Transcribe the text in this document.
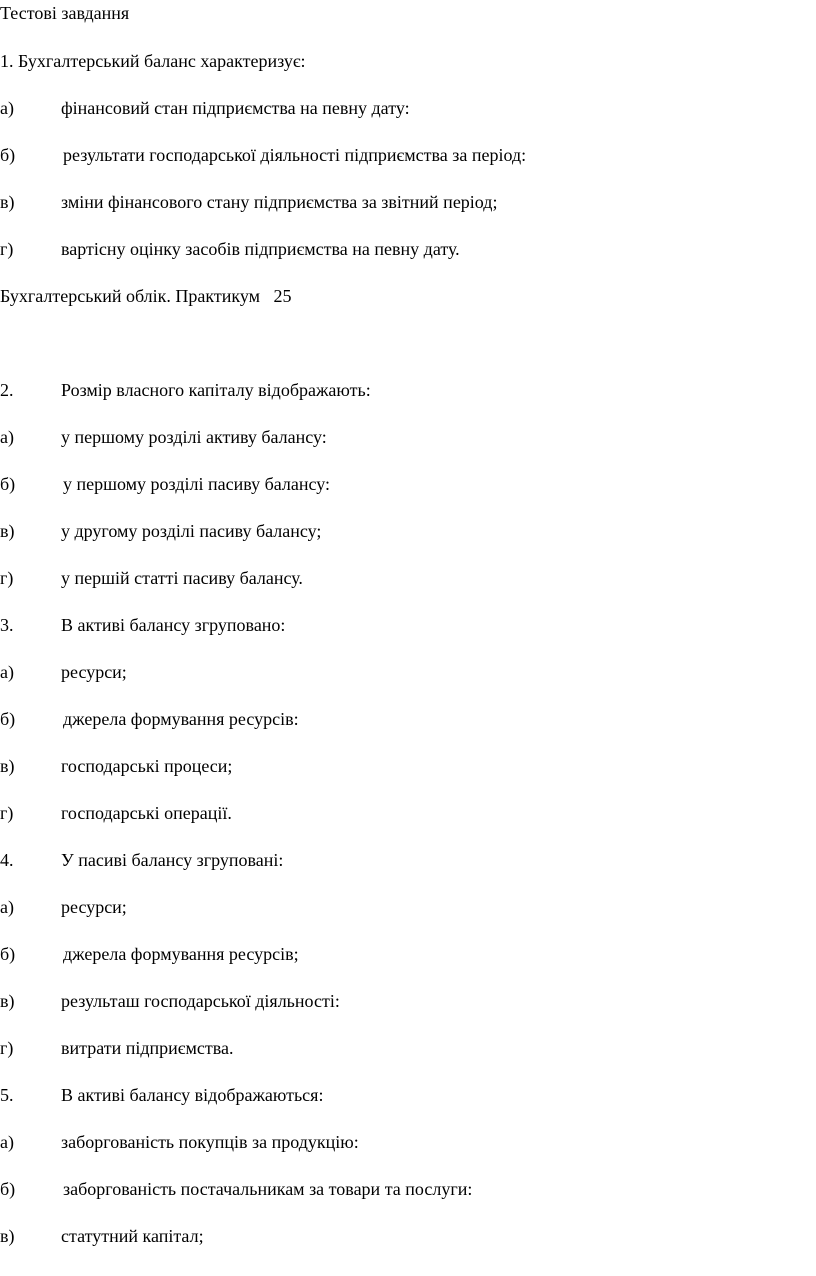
Тестові завдання
1. Бухгалтерський баланс характеризує:
а)	фінансовий стан підприємства на певну дату:
б)	результати господарської діяльності підприємства за період:
в)	зміни фінансового стану підприємства за звітний період;
г)	вартісну оцінку засобів підприємства на певну дату.
Бухгалтерський облік. Практикум   25
2.	Розмір власного капіталу відображають:
а)	у першому розділі активу балансу:
б)	у першому розділі пасиву балансу:
в)	у другому розділі пасиву балансу;
г)	у першій статті пасиву балансу.
3.	В активі балансу згруповано:
а)	ресурси;
б)	джерела формування ресурсів:
в)	господарські процеси;
г)	господарські операції.
4.	У пасиві балансу згруповані:
а)	ресурси;
б)	джерела формування ресурсів;
в)	результаш господарської діяльності:
г)	витрати підприємства.
5.	В активі балансу відображаються:
а)	заборгованість покупців за продукцію:
б)	заборгованість постачальникам за товари та послуги:
в)	статутний капітал;
